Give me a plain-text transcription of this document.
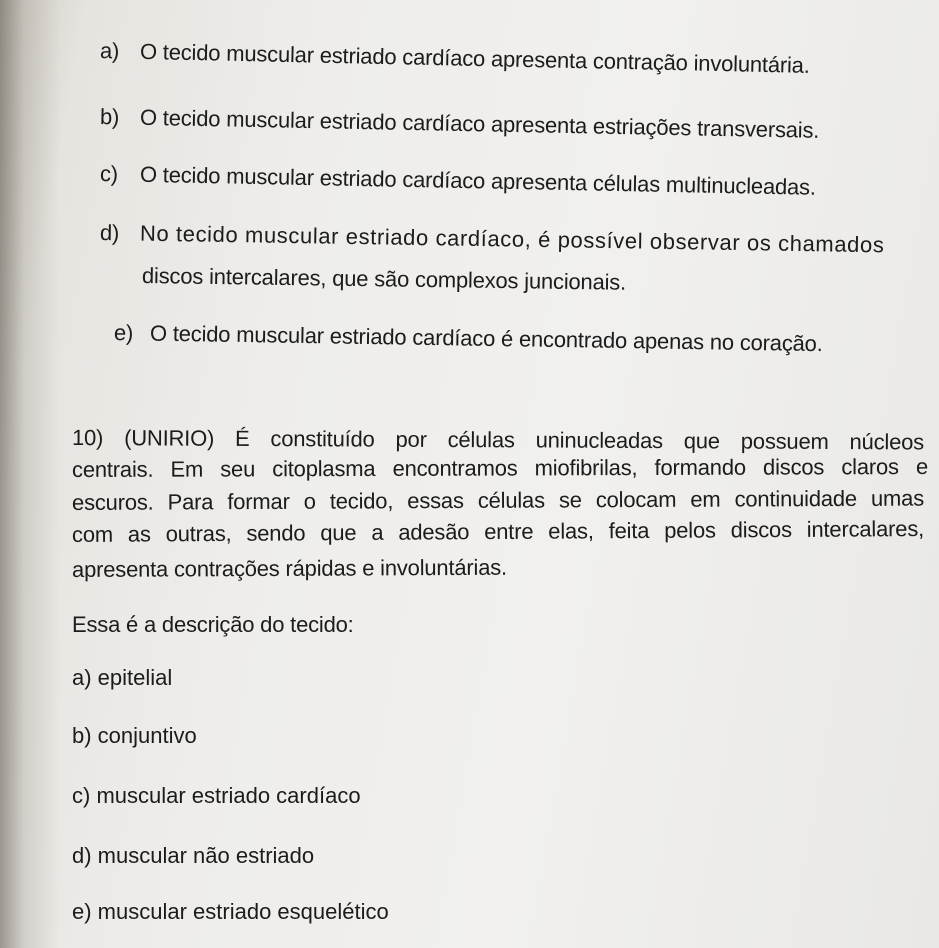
a) O tecido muscular estriado cardíaco apresenta contração involuntária.
b) O tecido muscular estriado cardíaco apresenta estriações transversais.
c) O tecido muscular estriado cardíaco apresenta células multinucleadas.
d) No tecido muscular estriado cardíaco, é possível observar os chamados
discos intercalares, que são complexos juncionais.
e) O tecido muscular estriado cardíaco é encontrado apenas no coração.
10) (UNIRIO) É constituído por células uninucleadas que possuem núcleos
centrais. Em seu citoplasma encontramos miofibrilas, formando discos claros e
escuros. Para formar o tecido, essas células se colocam em continuidade umas
com as outras, sendo que a adesão entre elas, feita pelos discos intercalares,
apresenta contrações rápidas e involuntárias.
Essa é a descrição do tecido:
a) epitelial
b) conjuntivo
c) muscular estriado cardíaco
d) muscular não estriado
e) muscular estriado esquelético
